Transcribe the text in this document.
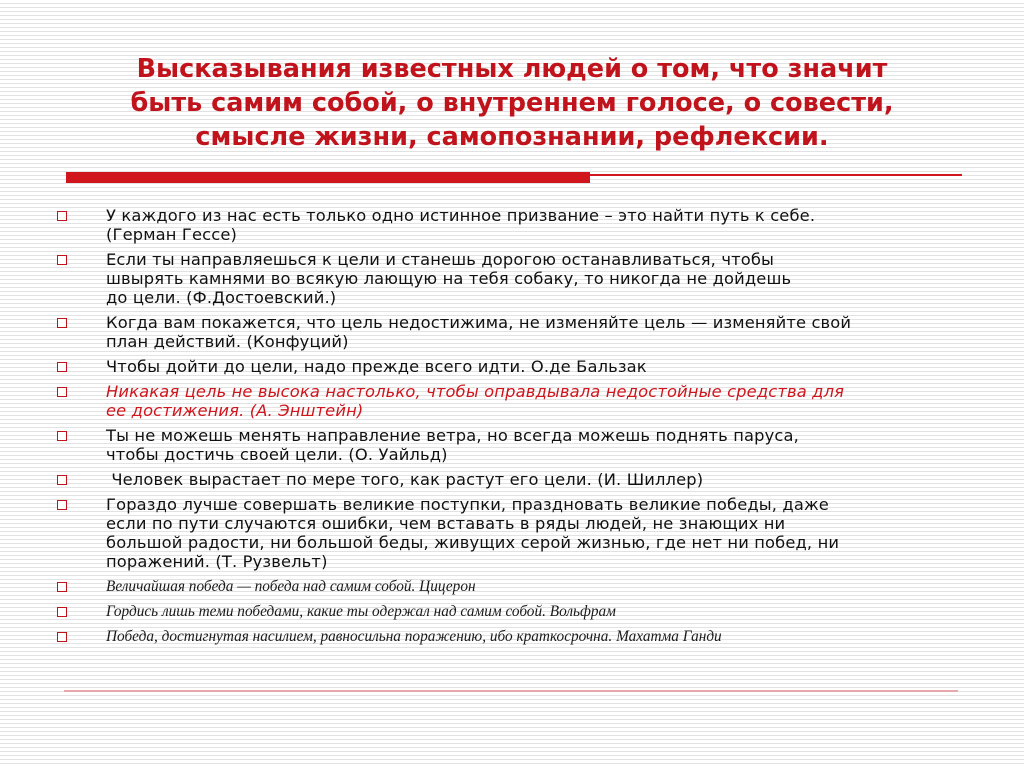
Высказывания известных людей о том, что значит
быть самим собой, о внутреннем голосе, о совести,
смысле жизни, самопознании, рефлексии.
У каждого из нас есть только одно истинное призвание – это найти путь к себе.
(Герман Гессе)
Если ты направляешься к цели и станешь дорогою останавливаться, чтобы
швырять камнями во всякую лающую на тебя собаку, то никогда не дойдешь
до цели. (Ф.Достоевский.)
Когда вам покажется, что цель недостижима, не изменяйте цель — изменяйте свой
план действий. (Конфуций)
Чтобы дойти до цели, надо прежде всего идти. О.де Бальзак
Никакая цель не высока настолько, чтобы оправдывала недостойные средства для
ее достижения. (А. Энштейн)
Ты не можешь менять направление ветра, но всегда можешь поднять паруса,
чтобы достичь своей цели. (О. Уайльд)
Человек вырастает по мере того, как растут его цели. (И. Шиллер)
Гораздо лучше совершать великие поступки, праздновать великие победы, даже
если по пути случаются ошибки, чем вставать в ряды людей, не знающих ни
большой радости, ни большой беды, живущих серой жизнью, где нет ни побед, ни
поражений. (Т. Рузвельт)
Величайшая победа — победа над самим собой. Цицерон
Гордись лишь теми победами, какие ты одержал над самим собой. Вольфрам
Победа, достигнутая насилием, равносильна поражению, ибо краткосрочна. Махатма Ганди
